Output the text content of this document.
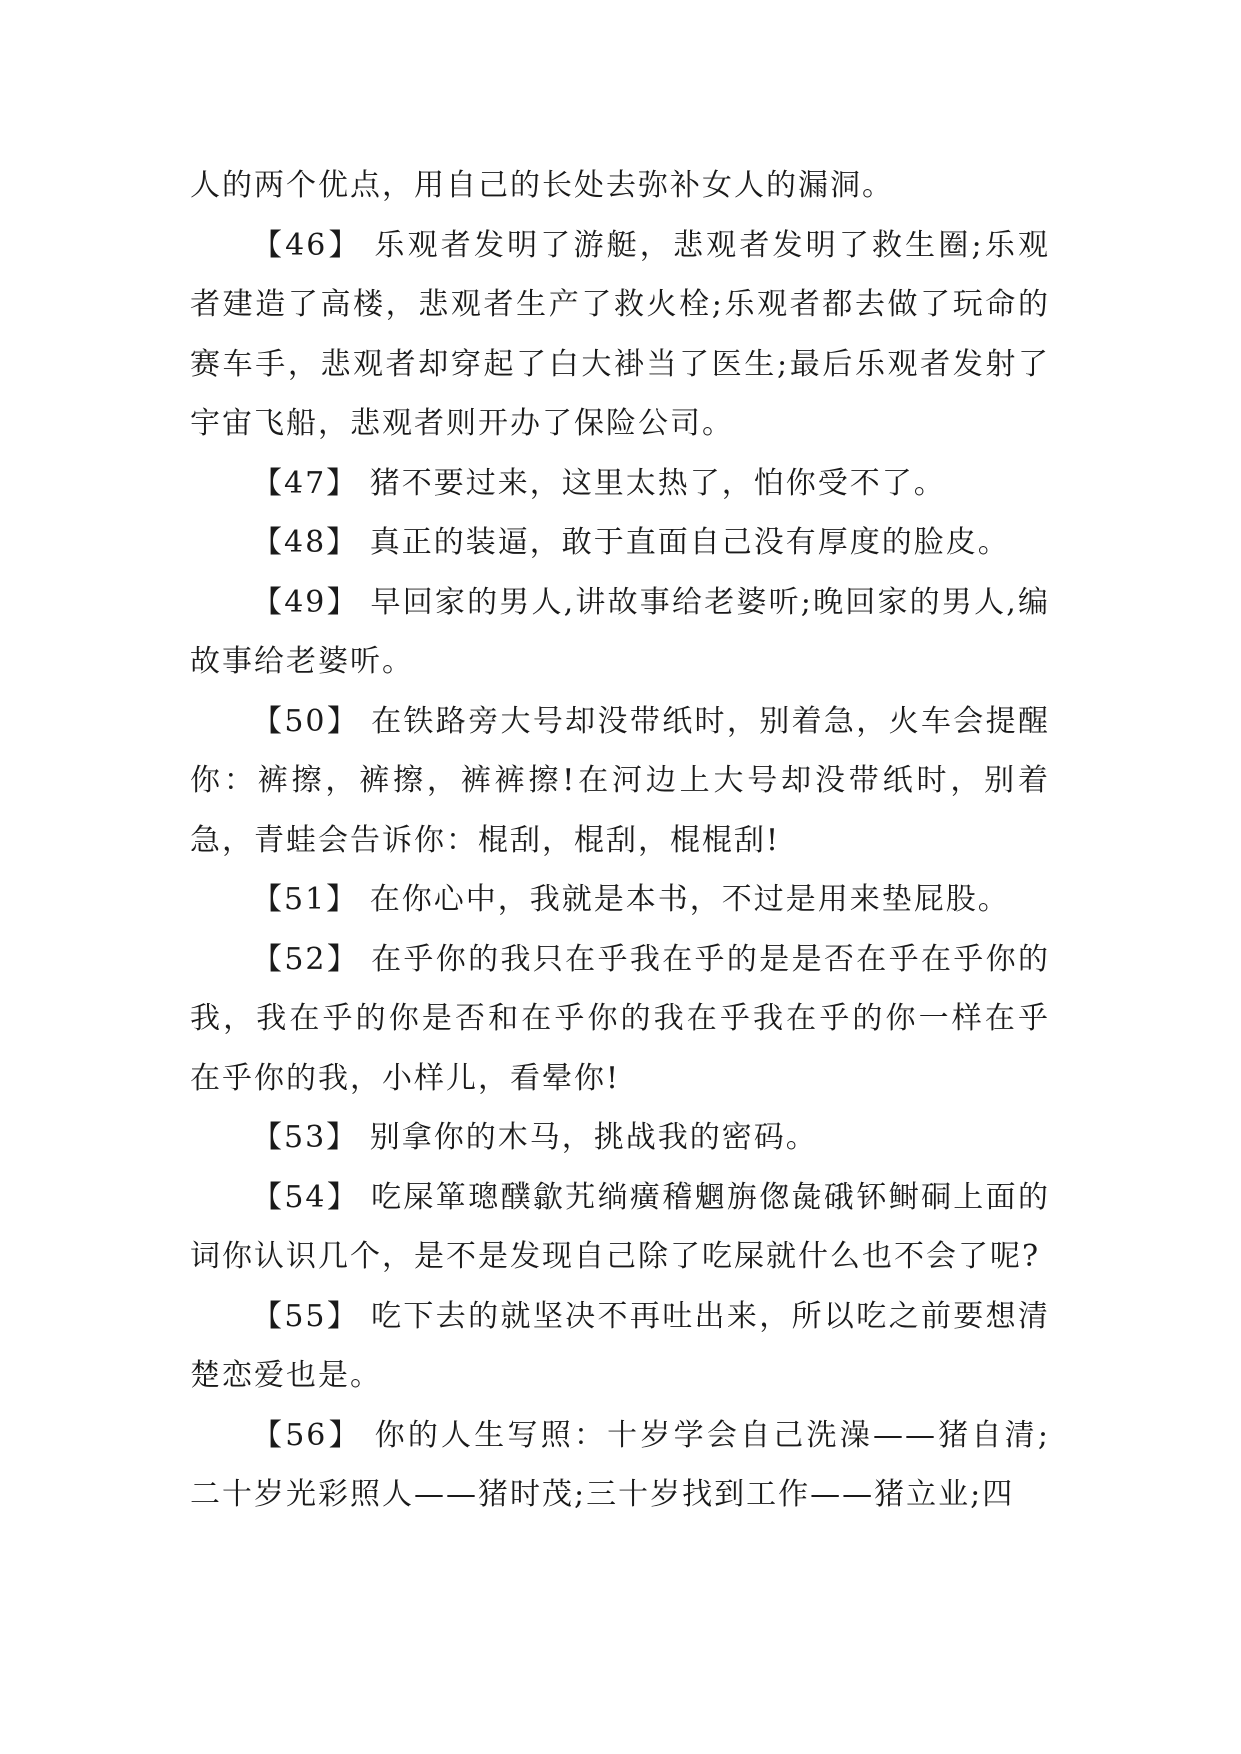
人的两个优点，用自己的长处去弥补女人的漏洞。

【46】 乐观者发明了游艇，悲观者发明了救生圈;乐观者建造了高楼，悲观者生产了救火栓;乐观者都去做了玩命的赛车手，悲观者却穿起了白大褂当了医生;最后乐观者发射了宇宙飞船，悲观者则开办了保险公司。

【47】 猪不要过来，这里太热了，怕你受不了。

【48】 真正的装逼，敢于直面自己没有厚度的脸皮。

【49】 早回家的男人,讲故事给老婆听;晚回家的男人,编故事给老婆听。

【50】 在铁路旁大号却没带纸时，别着急，火车会提醒你：裤擦，裤擦，裤裤擦!在河边上大号却没带纸时，别着急，青蛙会告诉你：棍刮，棍刮，棍棍刮!

【51】 在你心中，我就是本书，不过是用来垫屁股。

【52】 在乎你的我只在乎我在乎的是是否在乎在乎你的我，我在乎的你是否和在乎你的我在乎我在乎的你一样在乎在乎你的我，小样儿，看晕你!

【53】 别拿你的木马，挑战我的密码。

【54】 吃屎箪璁醭歙艽绱癀稽魍旃偬彘硪钚鲥硐上面的词你认识几个，是不是发现自己除了吃屎就什么也不会了呢?

【55】 吃下去的就坚决不再吐出来，所以吃之前要想清楚恋爱也是。

【56】 你的人生写照：十岁学会自己洗澡——猪自清;二十岁光彩照人——猪时茂;三十岁找到工作——猪立业;四
